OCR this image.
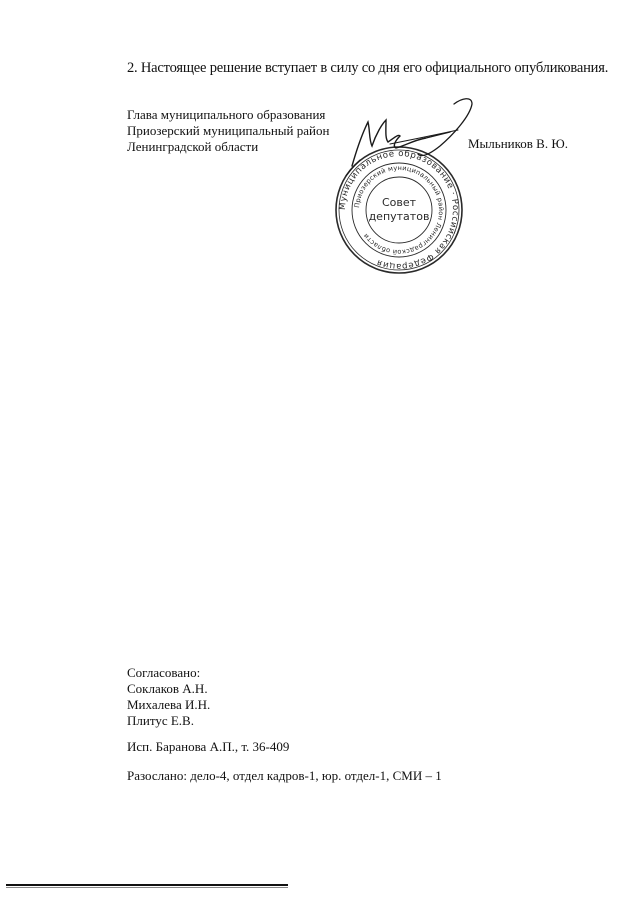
2. Настоящее решение вступает в силу со дня его официального опубликования.
Глава муниципального образования
Приозерский муниципальный район
Ленинградской области	Мыльников В. Ю.
Муниципальное образование · Российская Федерация
Приозерский муниципальный район Ленинградской области
Совет
депутатов
Согласовано:
Соклаков А.Н.
Михалева И.Н.
Плитус Е.В.
Исп. Баранова А.П., т. 36-409
Разослано: дело-4, отдел кадров-1, юр. отдел-1, СМИ – 1
